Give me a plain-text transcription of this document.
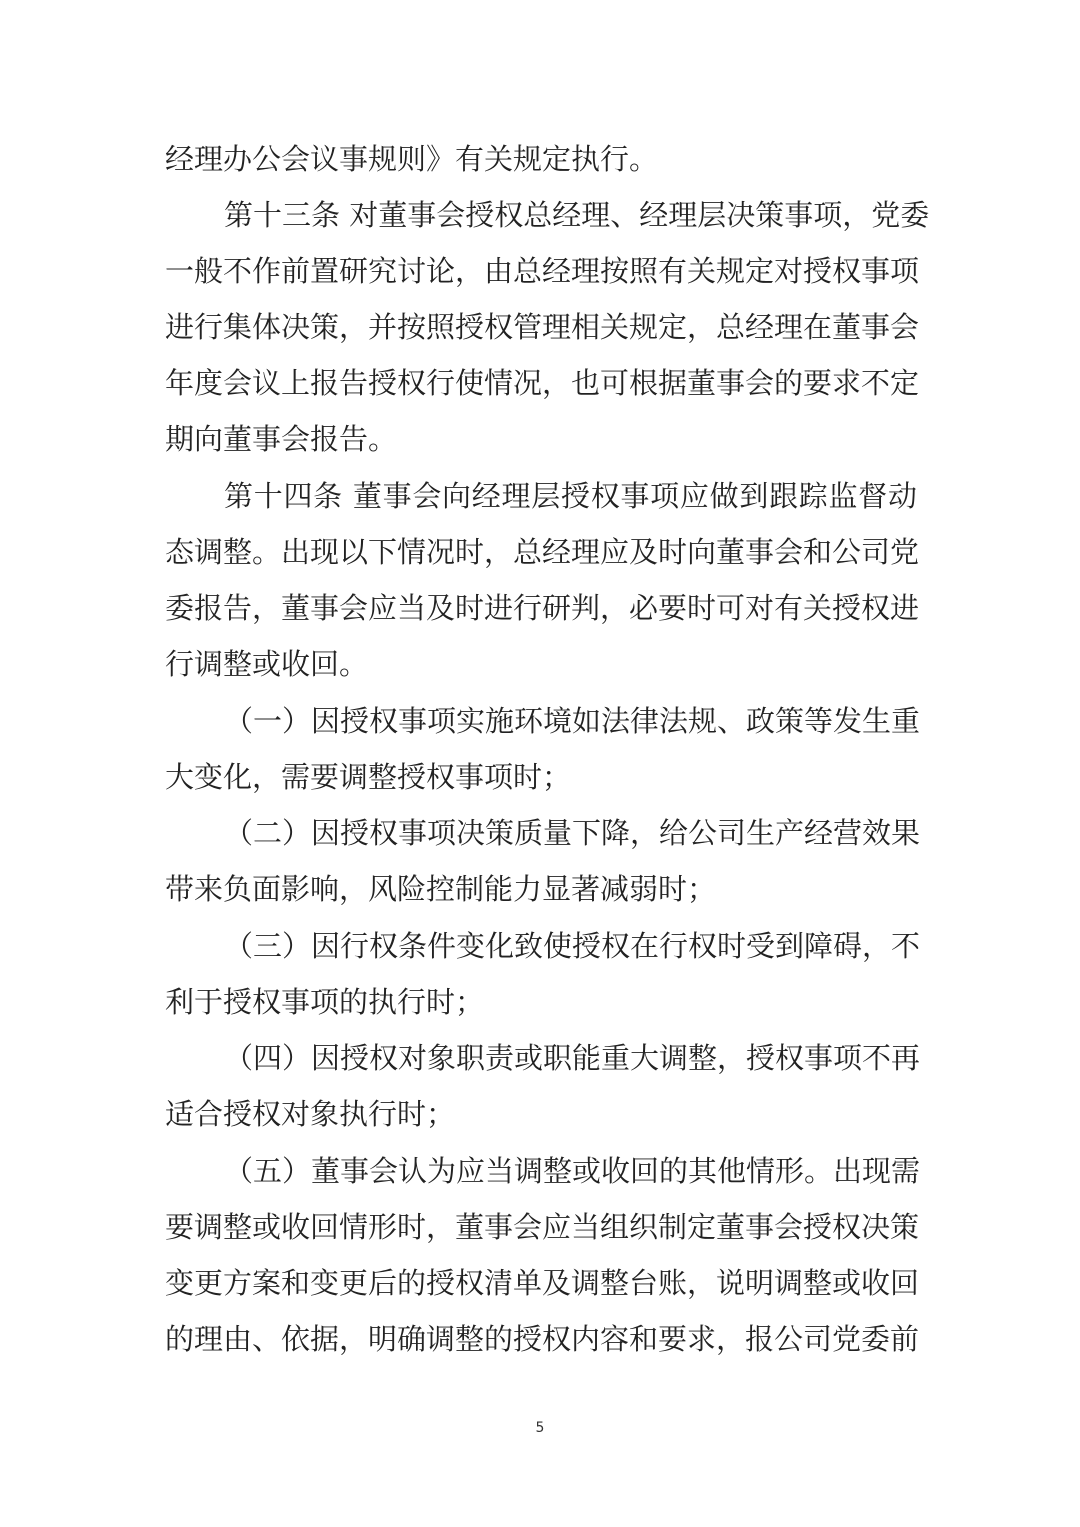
经理办公会议事规则》有关规定执行。
第十三条 对董事会授权总经理、经理层决策事项，党委
一般不作前置研究讨论，由总经理按照有关规定对授权事项
进行集体决策，并按照授权管理相关规定，总经理在董事会
年度会议上报告授权行使情况，也可根据董事会的要求不定
期向董事会报告。
第十四条 董事会向经理层授权事项应做到跟踪监督动
态调整。出现以下情况时，总经理应及时向董事会和公司党
委报告，董事会应当及时进行研判，必要时可对有关授权进
行调整或收回。
（一）因授权事项实施环境如法律法规、政策等发生重
大变化，需要调整授权事项时；
（二）因授权事项决策质量下降，给公司生产经营效果
带来负面影响，风险控制能力显著减弱时；
（三）因行权条件变化致使授权在行权时受到障碍，不
利于授权事项的执行时；
（四）因授权对象职责或职能重大调整，授权事项不再
适合授权对象执行时；
（五）董事会认为应当调整或收回的其他情形。出现需
要调整或收回情形时，董事会应当组织制定董事会授权决策
变更方案和变更后的授权清单及调整台账，说明调整或收回
的理由、依据，明确调整的授权内容和要求，报公司党委前
5
